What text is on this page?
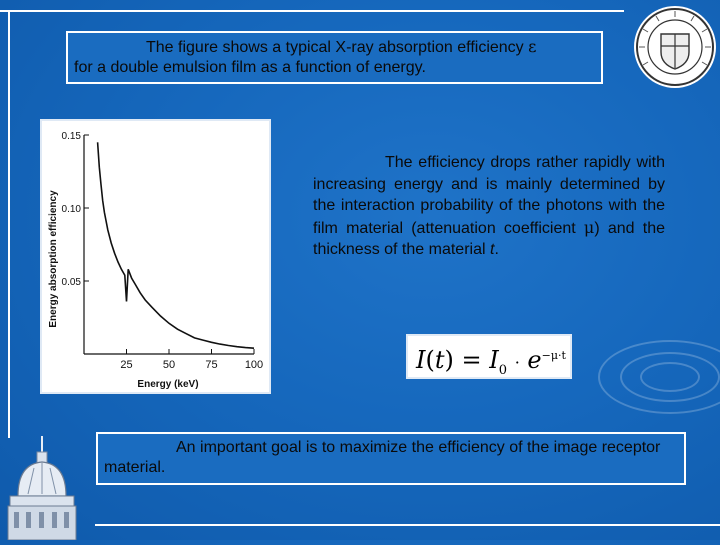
The figure shows a typical X-ray absorption efficiency ε
for a double emulsion film as a function of energy.
25	50	75 100
0.05
0.10
0.15
Energy absorption efficiency
Energy (keV)
The efficiency drops rather rapidly with increasing energy and is mainly determined by the interaction probability of the photons with the film material (attenuation coefficient μ) and the thickness of the material t.
$I(t) = I_0 \cdot e^{-\mu\cdot t}$
An important goal is to maximize the efficiency of the image receptor material.
